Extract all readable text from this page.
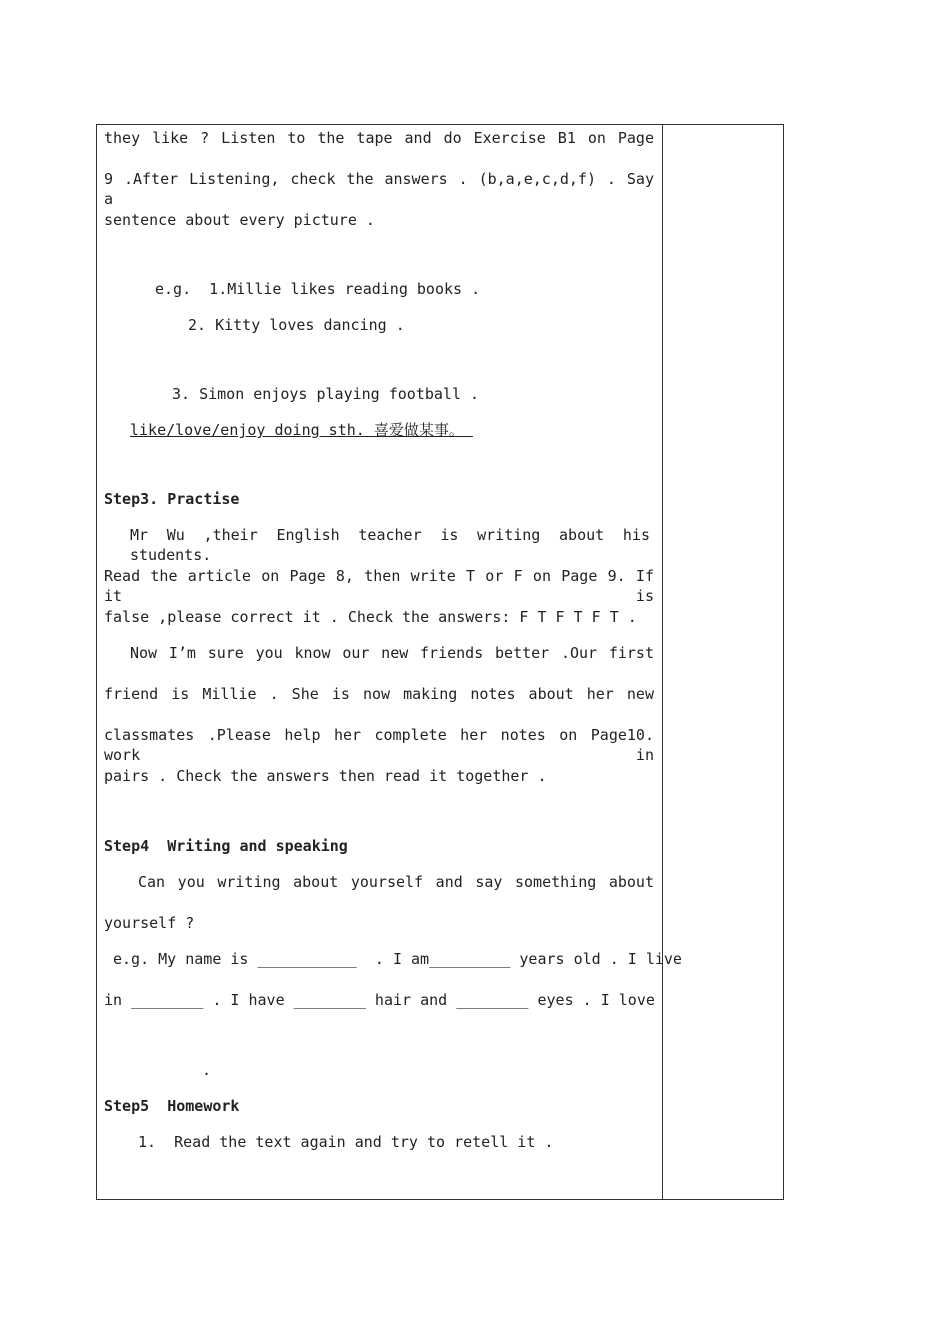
they like ? Listen to the tape and do Exercise B1 on Page
9 .After Listening, check the answers . (b,a,e,c,d,f) . Say a
sentence about every picture .
e.g.  1.Millie likes reading books .
2. Kitty loves dancing .
3. Simon enjoys playing football .
like/love/enjoy doing sth. 喜爱做某事。
Step3. Practise
Mr Wu ,their English teacher is writing about his students.
Read the article on Page 8, then write T or F on Page 9. If it is
false ,please correct it . Check the answers: F T F T F T .
Now I’m sure you know our new friends better .Our first
friend is Millie . She is now making notes about her new
classmates .Please help her complete her notes on Page10. work in
pairs . Check the answers then read it together .
Step4  Writing and speaking
Can you writing about yourself and say something about
yourself ?
e.g. My name is ___________  . I am_________ years old . I live
in ________ . I have ________ hair and ________ eyes . I love
.
Step5  Homework
1.  Read the text again and try to retell it .
